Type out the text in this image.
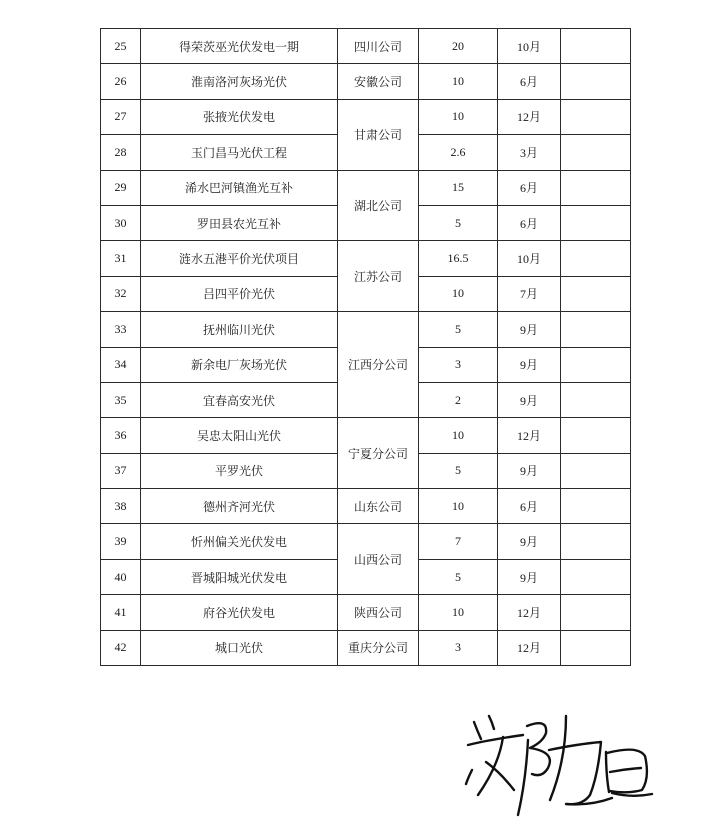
25	得荣茨巫光伏发电一期	四川公司	20	10月	
26	淮南洛河灰场光伏	安徽公司	10	6月	
27	张掖光伏发电	甘肃公司	10	12月	
28	玉门昌马光伏工程		2.6	3月	
29	浠水巴河镇渔光互补	湖北公司	15	6月	
30	罗田县农光互补		5	6月	
31	涟水五港平价光伏项目	江苏公司	16.5	10月	
32	吕四平价光伏		10	7月	
33	抚州临川光伏	江西分公司	5	9月	
34	新余电厂灰场光伏		3	9月	
35	宜春高安光伏		2	9月	
36	吴忠太阳山光伏	宁夏分公司	10	12月	
37	平罗光伏		5	9月	
38	德州齐河光伏	山东公司	10	6月	
39	忻州偏关光伏发电	山西公司	7	9月	
40	晋城阳城光伏发电		5	9月	
41	府谷光伏发电	陕西公司	10	12月	
42	城口光伏	重庆分公司	3	12月	
